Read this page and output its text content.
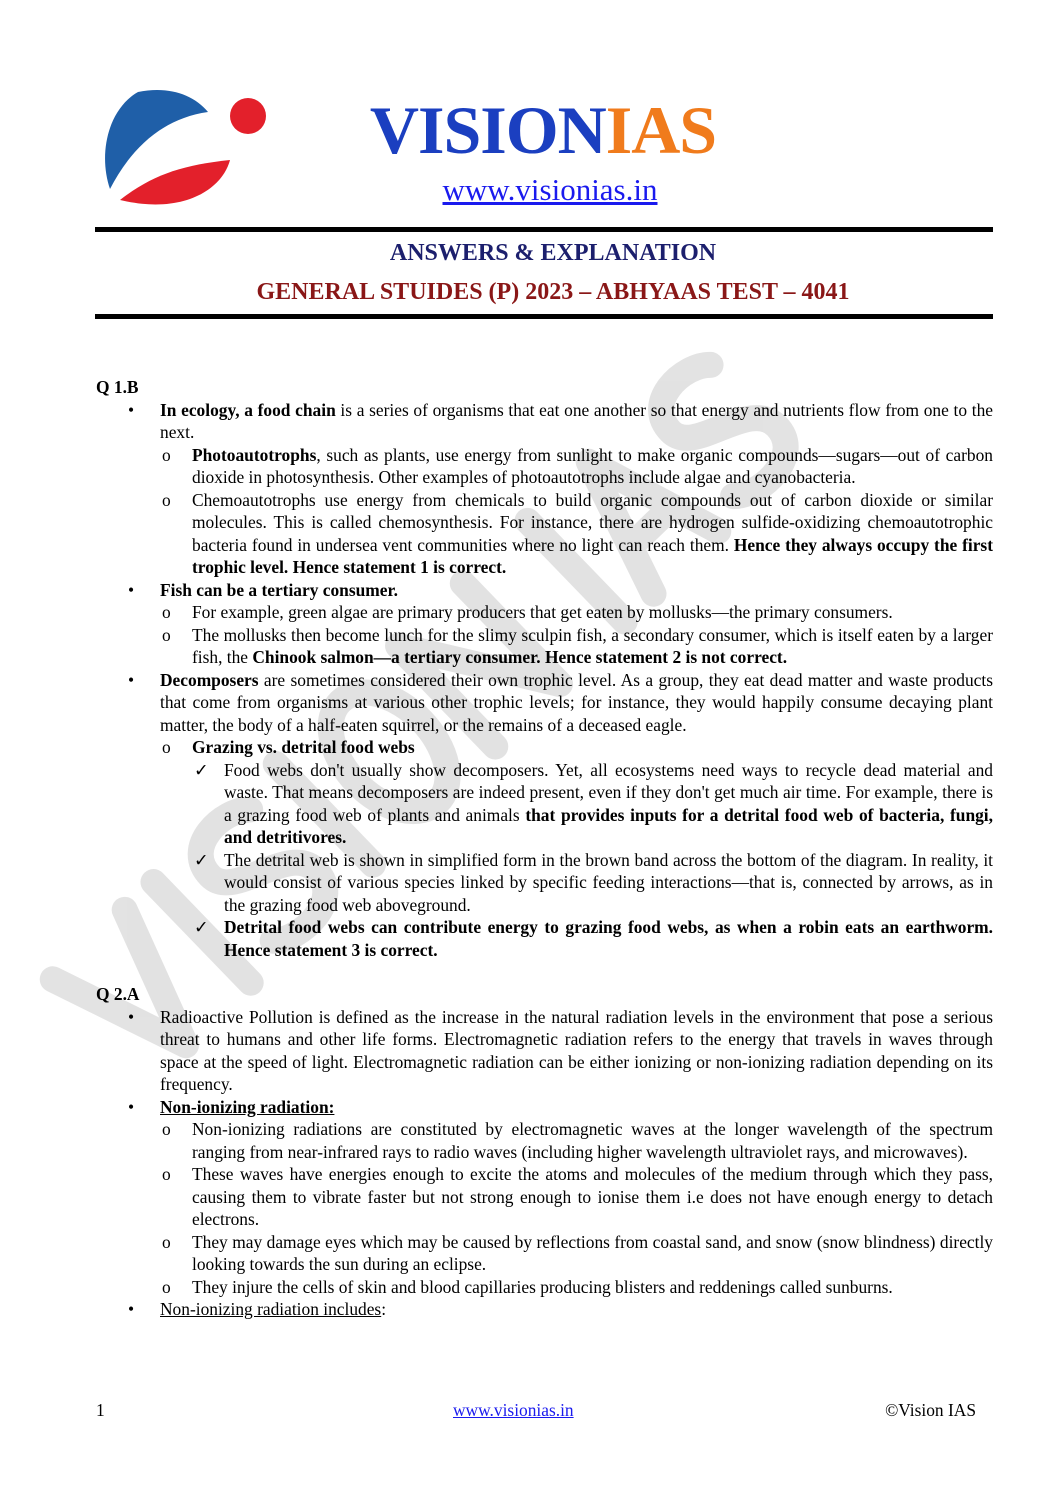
VISIONIAS
www.visionias.in
ANSWERS & EXPLANATION
GENERAL STUIDES (P) 2023 – ABHYAAS TEST – 4041
Q 1.B
• In ecology, a food chain is a series of organisms that eat one another so that energy and nutrients flow from one to the next.
o Photoautotrophs, such as plants, use energy from sunlight to make organic compounds—sugars—out of carbon dioxide in photosynthesis. Other examples of photoautotrophs include algae and cyanobacteria.
o Chemoautotrophs use energy from chemicals to build organic compounds out of carbon dioxide or similar molecules. This is called chemosynthesis. For instance, there are hydrogen sulfide-oxidizing chemoautotrophic bacteria found in undersea vent communities where no light can reach them. Hence they always occupy the first trophic level. Hence statement 1 is correct.
• Fish can be a tertiary consumer.
o For example, green algae are primary producers that get eaten by mollusks—the primary consumers.
o The mollusks then become lunch for the slimy sculpin fish, a secondary consumer, which is itself eaten by a larger fish, the Chinook salmon—a tertiary consumer. Hence statement 2 is not correct.
• Decomposers are sometimes considered their own trophic level. As a group, they eat dead matter and waste products that come from organisms at various other trophic levels; for instance, they would happily consume decaying plant matter, the body of a half-eaten squirrel, or the remains of a deceased eagle.
o Grazing vs. detrital food webs
✓ Food webs don't usually show decomposers. Yet, all ecosystems need ways to recycle dead material and waste. That means decomposers are indeed present, even if they don't get much air time. For example, there is a grazing food web of plants and animals that provides inputs for a detrital food web of bacteria, fungi, and detritivores.
✓ The detrital web is shown in simplified form in the brown band across the bottom of the diagram. In reality, it would consist of various species linked by specific feeding interactions—that is, connected by arrows, as in the grazing food web aboveground.
✓ Detrital food webs can contribute energy to grazing food webs, as when a robin eats an earthworm. Hence statement 3 is correct.
Q 2.A
• Radioactive Pollution is defined as the increase in the natural radiation levels in the environment that pose a serious threat to humans and other life forms. Electromagnetic radiation refers to the energy that travels in waves through space at the speed of light. Electromagnetic radiation can be either ionizing or non-ionizing radiation depending on its frequency.
• Non-ionizing radiation:
o Non-ionizing radiations are constituted by electromagnetic waves at the longer wavelength of the spectrum ranging from near-infrared rays to radio waves (including higher wavelength ultraviolet rays, and microwaves).
o These waves have energies enough to excite the atoms and molecules of the medium through which they pass, causing them to vibrate faster but not strong enough to ionise them i.e does not have enough energy to detach electrons.
o They may damage eyes which may be caused by reflections from coastal sand, and snow (snow blindness) directly looking towards the sun during an eclipse.
o They injure the cells of skin and blood capillaries producing blisters and reddenings called sunburns.
• Non-ionizing radiation includes:
1	www.visionias.in	©Vision IAS
